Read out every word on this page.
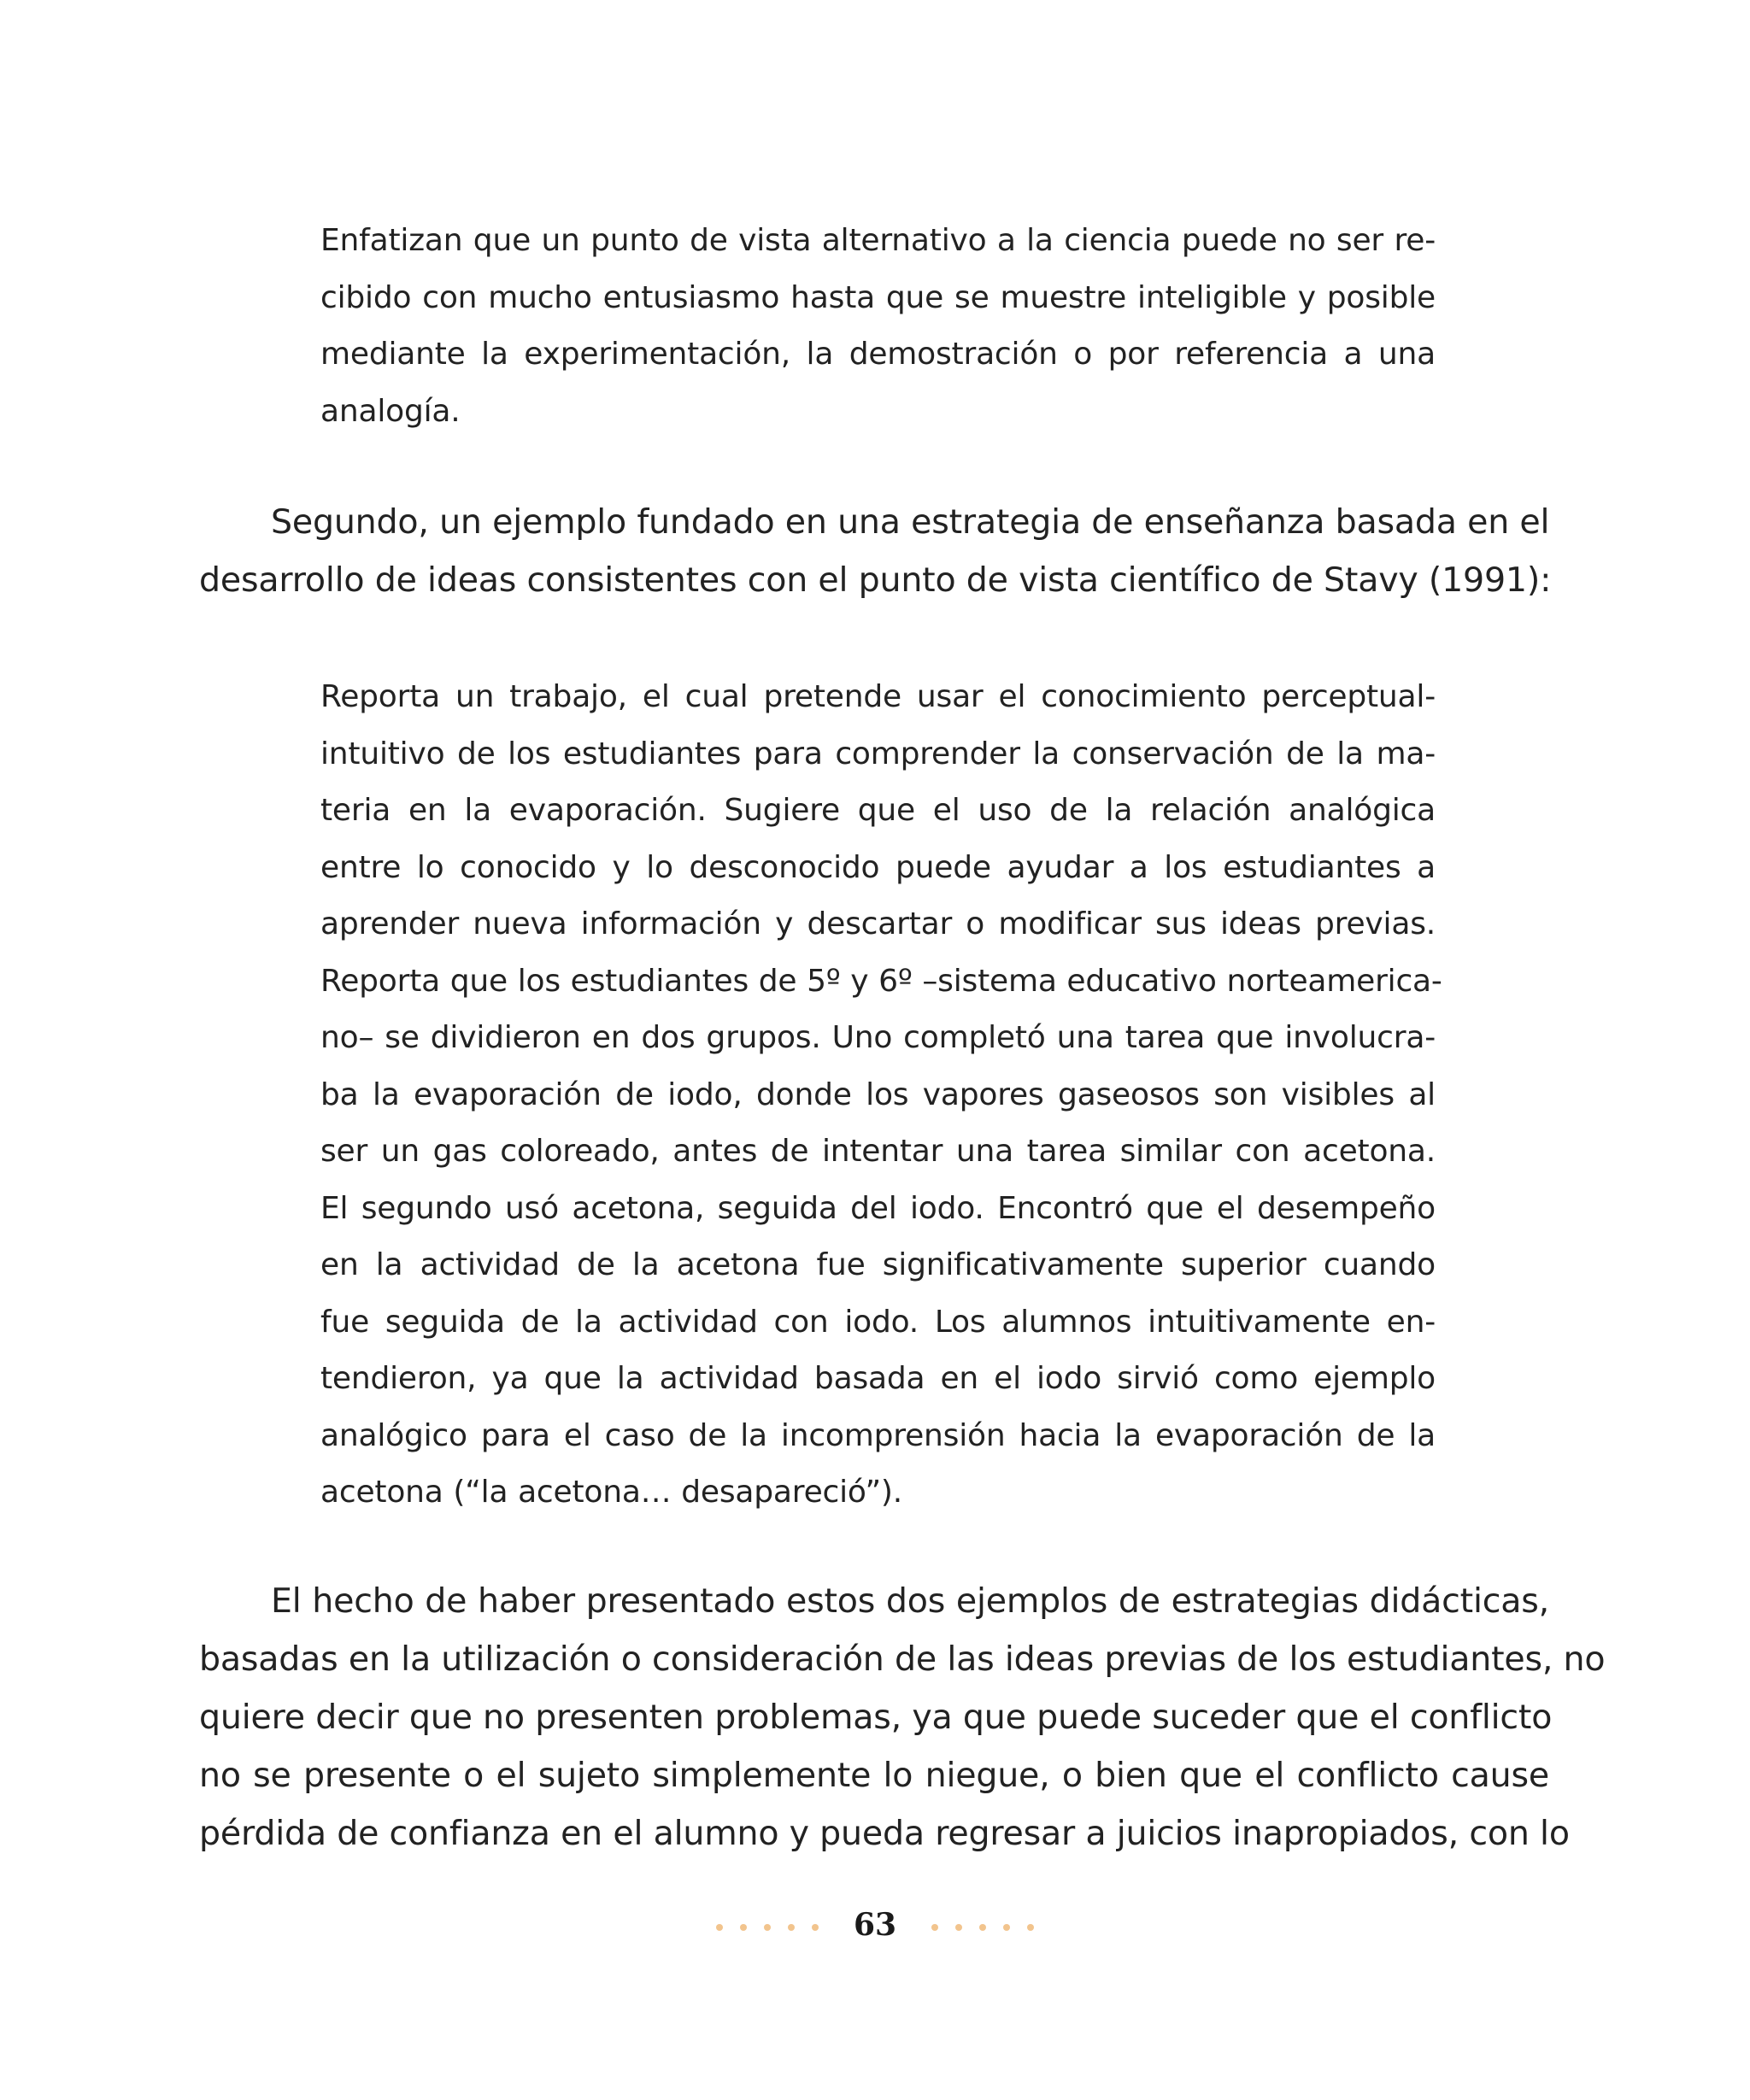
Enfatizan que un punto de vista alternativo a la ciencia puede no ser re-
cibido con mucho entusiasmo hasta que se muestre inteligible y posible
mediante la experimentación, la demostración o por referencia a una
analogía.
Segundo, un ejemplo fundado en una estrategia de enseñanza basada en el
desarrollo de ideas consistentes con el punto de vista científico de Stavy (1991):
Reporta un trabajo, el cual pretende usar el conocimiento perceptual-
intuitivo de los estudiantes para comprender la conservación de la ma-
teria en la evaporación. Sugiere que el uso de la relación analógica
entre lo conocido y lo desconocido puede ayudar a los estudiantes a
aprender nueva información y descartar o modificar sus ideas previas.
Reporta que los estudiantes de 5º y 6º –sistema educativo norteamerica-
no– se dividieron en dos grupos. Uno completó una tarea que involucra-
ba la evaporación de iodo, donde los vapores gaseosos son visibles al
ser un gas coloreado, antes de intentar una tarea similar con acetona.
El segundo usó acetona, seguida del iodo. Encontró que el desempeño
en la actividad de la acetona fue significativamente superior cuando
fue seguida de la actividad con iodo. Los alumnos intuitivamente en-
tendieron, ya que la actividad basada en el iodo sirvió como ejemplo
analógico para el caso de la incomprensión hacia la evaporación de la
acetona (“la acetona… desapareció”).
El hecho de haber presentado estos dos ejemplos de estrategias didácticas,
basadas en la utilización o consideración de las ideas previas de los estudiantes, no
quiere decir que no presenten problemas, ya que puede suceder que el conflicto
no se presente o el sujeto simplemente lo niegue, o bien que el conflicto cause
pérdida de confianza en el alumno y pueda regresar a juicios inapropiados, con lo
63
